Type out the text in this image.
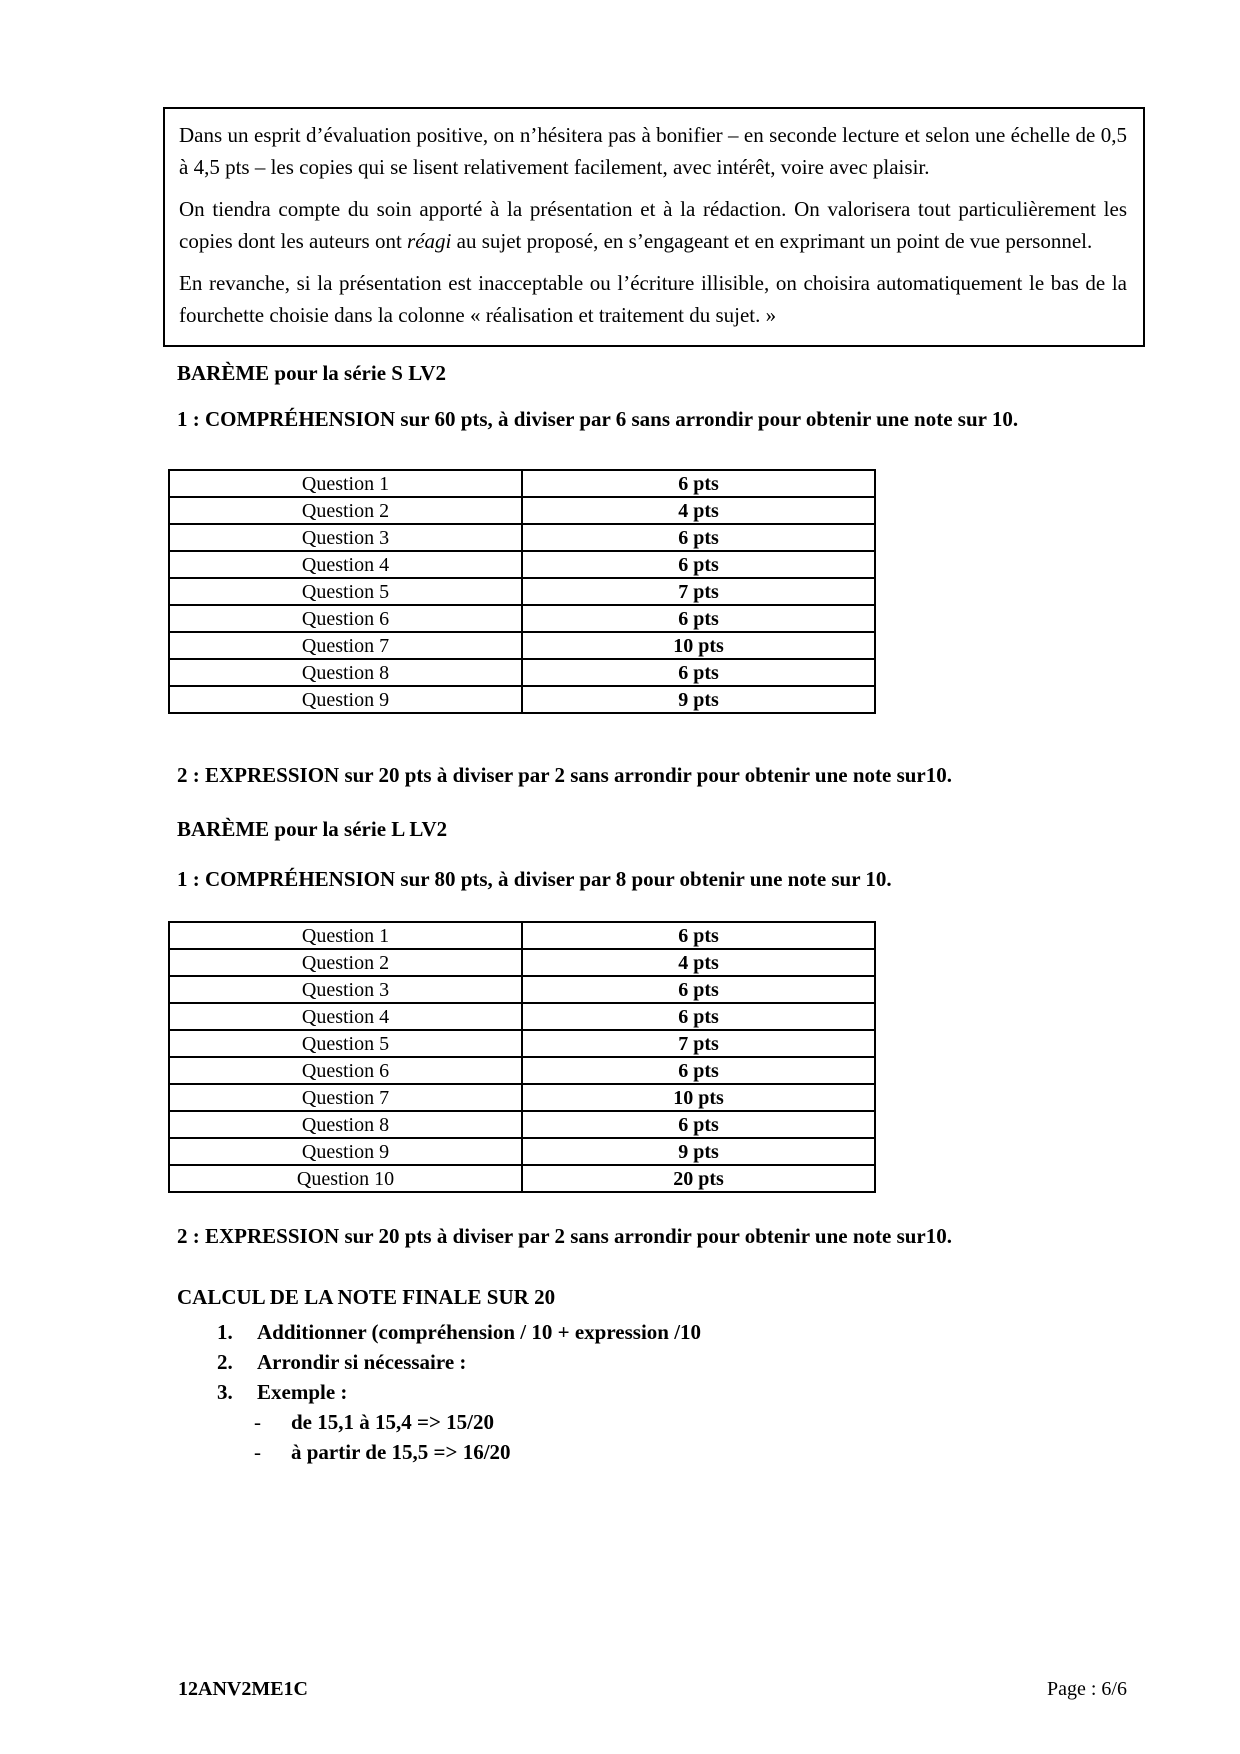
Dans un esprit d’évaluation positive, on n’hésitera pas à bonifier – en seconde lecture et selon une échelle de 0,5 à 4,5 pts – les copies qui se lisent relativement facilement, avec intérêt, voire avec plaisir.

On tiendra compte du soin apporté à la présentation et à la rédaction. On valorisera tout particulièrement les copies dont les auteurs ont réagi au sujet proposé, en s’engageant et en exprimant un point de vue personnel.

En revanche, si la présentation est inacceptable ou l’écriture illisible, on choisira automatiquement le bas de la fourchette choisie dans la colonne « réalisation et traitement du sujet. »

BARÈME pour la série S LV2
1 : COMPRÉHENSION sur 60 pts, à diviser par 6 sans arrondir pour obtenir une note sur 10.
Question 1	6 pts
Question 2	4 pts
Question 3	6 pts
Question 4	6 pts
Question 5	7 pts
Question 6	6 pts
Question 7	10 pts
Question 8	6 pts
Question 9	9 pts
2 : EXPRESSION sur 20 pts à diviser par 2 sans arrondir pour obtenir une note sur10.
BARÈME pour la série L LV2
1 : COMPRÉHENSION sur 80 pts, à diviser par 8 pour obtenir une note sur 10.
Question 1	6 pts
Question 2	4 pts
Question 3	6 pts
Question 4	6 pts
Question 5	7 pts
Question 6	6 pts
Question 7	10 pts
Question 8	6 pts
Question 9	9 pts
Question 10	20 pts
2 : EXPRESSION sur 20 pts à diviser par 2 sans arrondir pour obtenir une note sur10.
CALCUL DE LA NOTE FINALE SUR 20
1. Additionner (compréhension / 10 + expression /10
2. Arrondir si nécessaire :
3. Exemple :
- de 15,1 à 15,4 => 15/20
- à partir de 15,5 => 16/20
12ANV2ME1C	Page : 6/6
